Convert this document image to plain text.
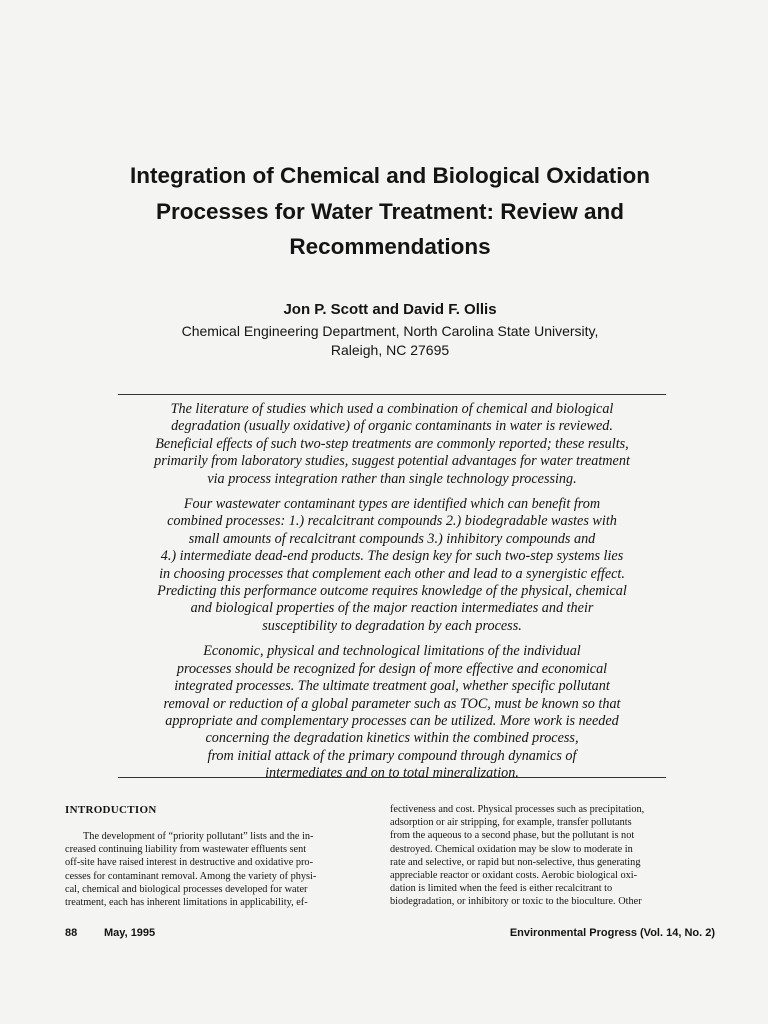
Integration of Chemical and Biological Oxidation
Processes for Water Treatment: Review and
Recommendations
Jon P. Scott and David F. Ollis
Chemical Engineering Department, North Carolina State University,
Raleigh, NC 27695

The literature of studies which used a combination of chemical and biological
degradation (usually oxidative) of organic contaminants in water is reviewed.
Beneficial effects of such two-step treatments are commonly reported; these results,
primarily from laboratory studies, suggest potential advantages for water treatment
via process integration rather than single technology processing.

Four wastewater contaminant types are identified which can benefit from
combined processes: 1.) recalcitrant compounds 2.) biodegradable wastes with
small amounts of recalcitrant compounds 3.) inhibitory compounds and
4.) intermediate dead-end products. The design key for such two-step systems lies
in choosing processes that complement each other and lead to a synergistic effect.
Predicting this performance outcome requires knowledge of the physical, chemical
and biological properties of the major reaction intermediates and their
susceptibility to degradation by each process.

Economic, physical and technological limitations of the individual
processes should be recognized for design of more effective and economical
integrated processes. The ultimate treatment goal, whether specific pollutant
removal or reduction of a global parameter such as TOC, must be known so that
appropriate and complementary processes can be utilized. More work is needed
concerning the degradation kinetics within the combined process,
from initial attack of the primary compound through dynamics of
intermediates and on to total mineralization.

INTRODUCTION
The development of “priority pollutant” lists and the in-
creased continuing liability from wastewater effluents sent
off-site have raised interest in destructive and oxidative pro-
cesses for contaminant removal. Among the variety of physi-
cal, chemical and biological processes developed for water
treatment, each has inherent limitations in applicability, ef-
fectiveness and cost. Physical processes such as precipitation,
adsorption or air stripping, for example, transfer pollutants
from the aqueous to a second phase, but the pollutant is not
destroyed. Chemical oxidation may be slow to moderate in
rate and selective, or rapid but non-selective, thus generating
appreciable reactor or oxidant costs. Aerobic biological oxi-
dation is limited when the feed is either recalcitrant to
biodegradation, or inhibitory or toxic to the bioculture. Other
88 May, 1995	Environmental Progress (Vol. 14, No. 2)
